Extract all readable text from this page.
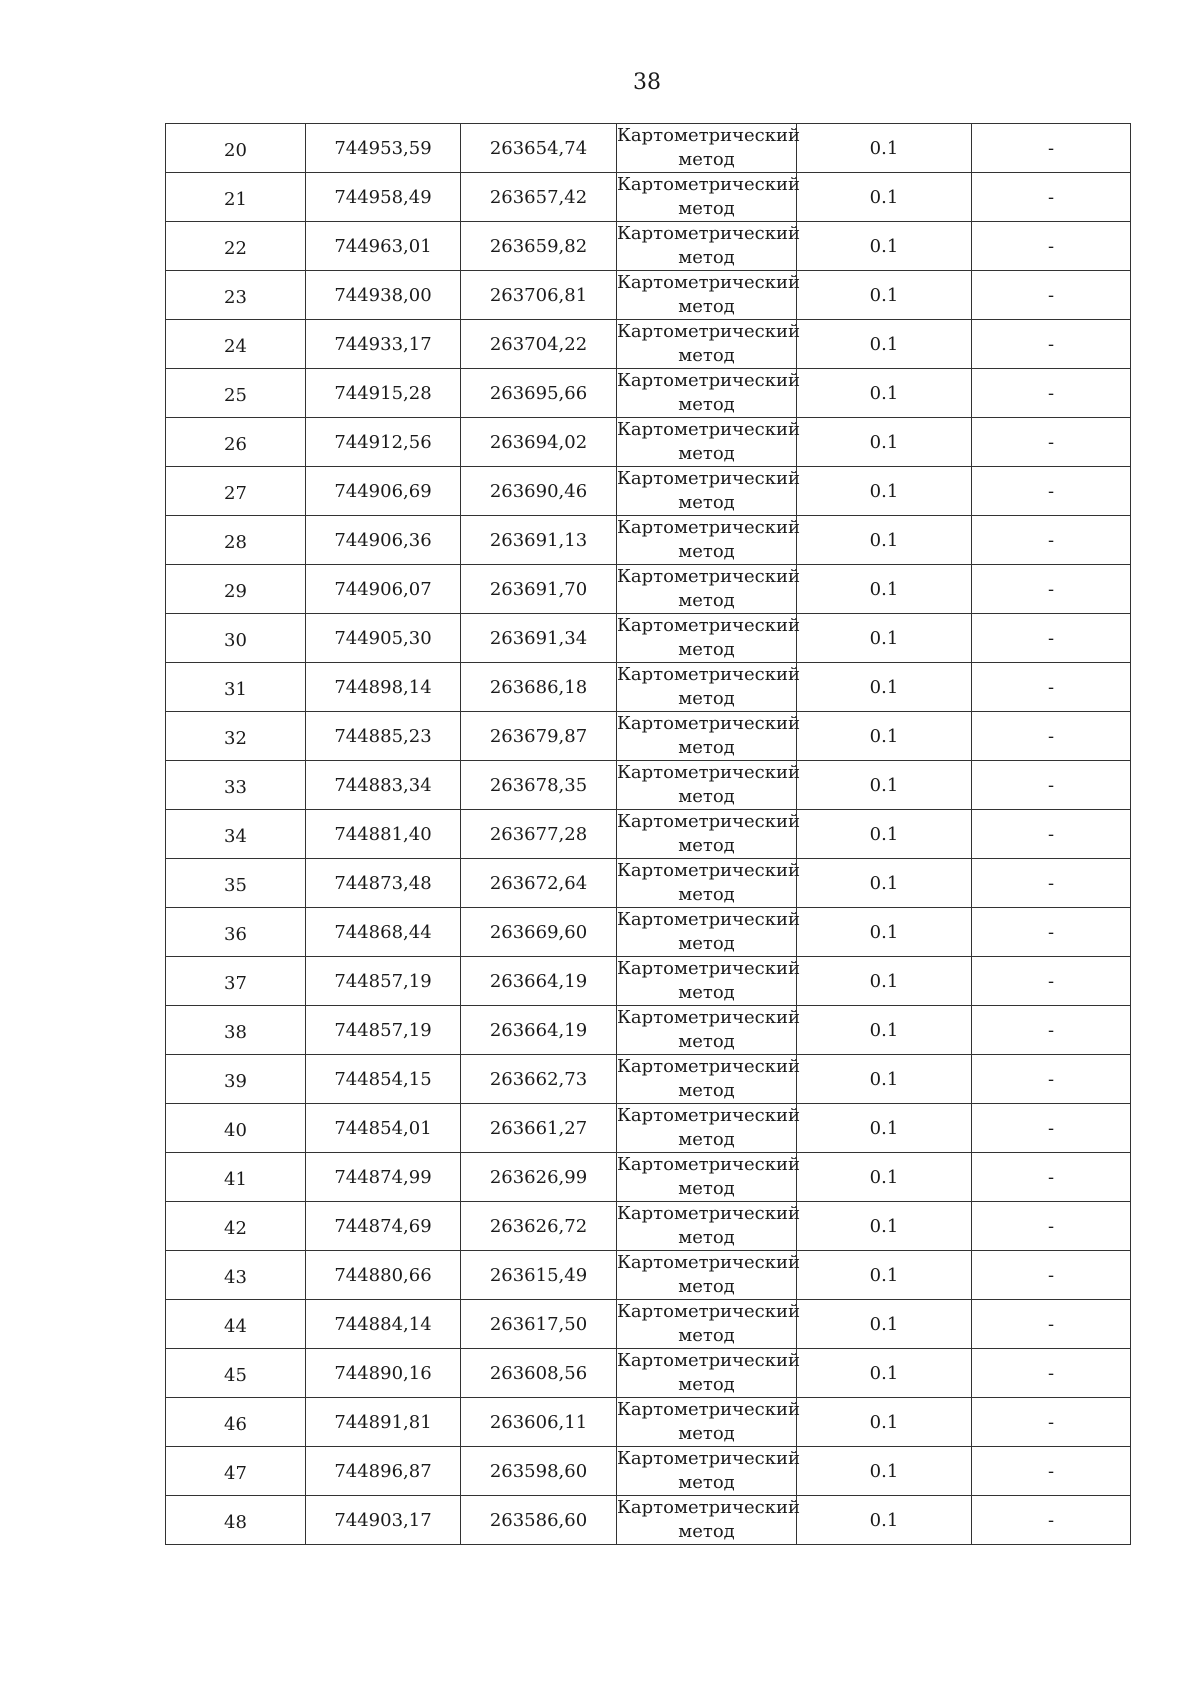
38
20	744953,59	263654,74	Картометрический метод	0.1	-

21	744958,49	263657,42	Картометрический метод	0.1	-

22	744963,01	263659,82	Картометрический метод	0.1	-

23	744938,00	263706,81	Картометрический метод	0.1	-

24	744933,17	263704,22	Картометрический метод	0.1	-

25	744915,28	263695,66	Картометрический метод	0.1	-

26	744912,56	263694,02	Картометрический метод	0.1	-

27	744906,69	263690,46	Картометрический метод	0.1	-

28	744906,36	263691,13	Картометрический метод	0.1	-

29	744906,07	263691,70	Картометрический метод	0.1	-

30	744905,30	263691,34	Картометрический метод	0.1	-

31	744898,14	263686,18	Картометрический метод	0.1	-

32	744885,23	263679,87	Картометрический метод	0.1	-

33	744883,34	263678,35	Картометрический метод	0.1	-

34	744881,40	263677,28	Картометрический метод	0.1	-

35	744873,48	263672,64	Картометрический метод	0.1	-

36	744868,44	263669,60	Картометрический метод	0.1	-

37	744857,19	263664,19	Картометрический метод	0.1	-

38	744857,19	263664,19	Картометрический метод	0.1	-

39	744854,15	263662,73	Картометрический метод	0.1	-

40	744854,01	263661,27	Картометрический метод	0.1	-

41	744874,99	263626,99	Картометрический метод	0.1	-

42	744874,69	263626,72	Картометрический метод	0.1	-

43	744880,66	263615,49	Картометрический метод	0.1	-

44	744884,14	263617,50	Картометрический метод	0.1	-

45	744890,16	263608,56	Картометрический метод	0.1	-

46	744891,81	263606,11	Картометрический метод	0.1	-

47	744896,87	263598,60	Картометрический метод	0.1	-

48	744903,17	263586,60	Картометрический метод	0.1	-
